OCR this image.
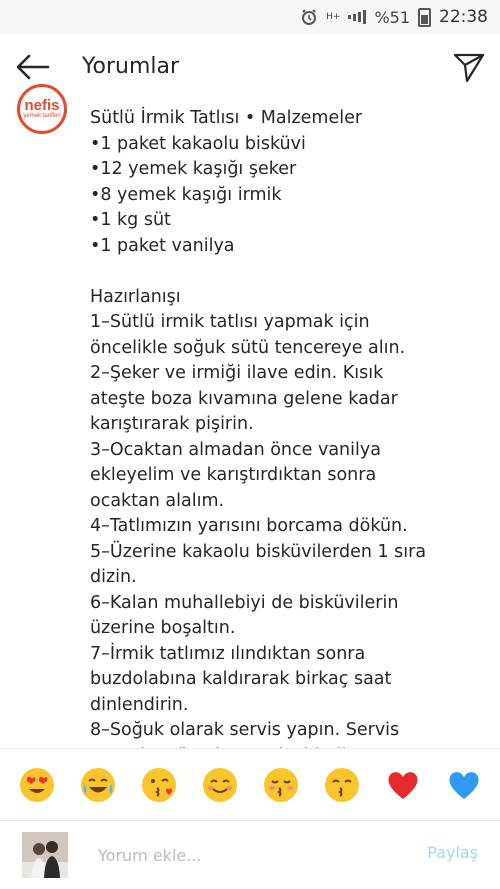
H+ %51 22:38
Yorumlar
nefis
yemek tarifleri Sütlü İrmik Tatlısı • Malzemeler
•1 paket kakaolu bisküvi
•12 yemek kaşığı şeker
•8 yemek kaşığı irmik
•1 kg süt
•1 paket vanilya
Hazırlanışı
1–Sütlü irmik tatlısı yapmak için
öncelikle soğuk sütü tencereye alın.
2–Şeker ve irmiği ilave edin. Kısık
ateşte boza kıvamına gelene kadar
karıştırarak pişirin.
3–Ocaktan almadan önce vanilya
ekleyelim ve karıştırdıktan sonra
ocaktan alalım.
4–Tatlımızın yarısını borcama dökün.
5–Üzerine kakaolu bisküvilerden 1 sıra
dizin.
6–Kalan muhallebiyi de bisküvilerin
üzerine boşaltın.
7–İrmik tatlımız ılındıktan sonra
buzdolabına kaldırarak birkaç saat
dinlendirin.
8–Soğuk olarak servis yapın. Servis
Yorum ekle...
Paylaş
